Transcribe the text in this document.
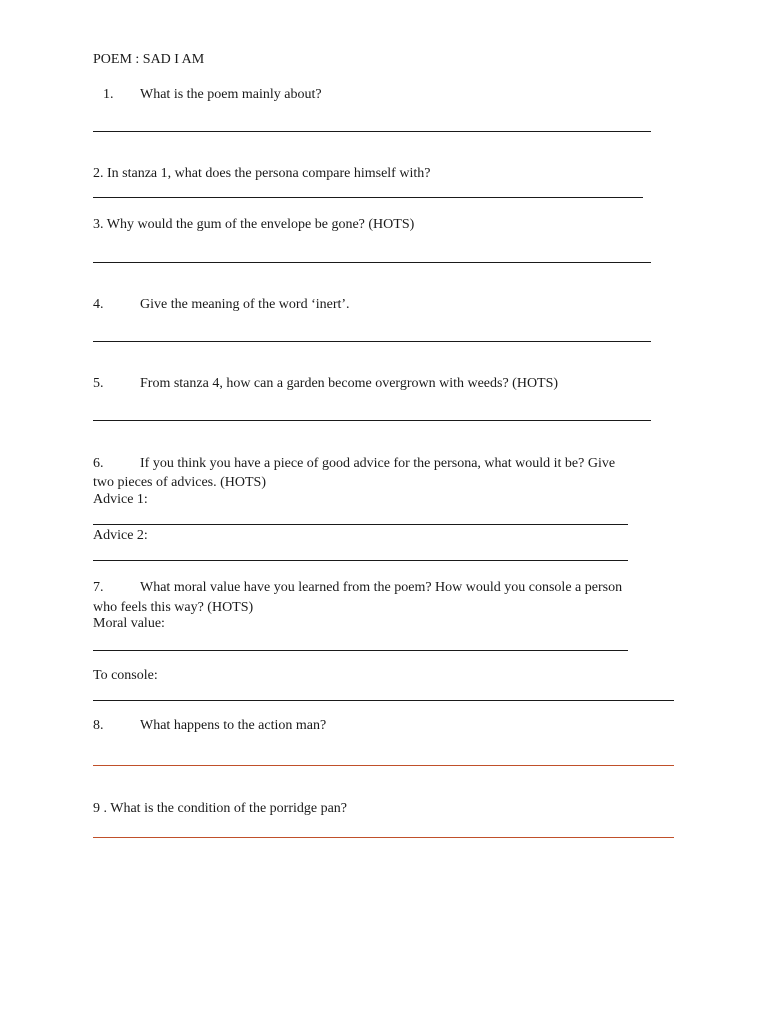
POEM : SAD I AM
1. What is the poem mainly about?
2. In stanza 1, what does the persona compare himself with?
3. Why would the gum of the envelope be gone? (HOTS)
4.	Give the meaning of the word ‘inert’.
5.	From stanza 4, how can a garden become overgrown with weeds? (HOTS)
6.	If you think you have a piece of good advice for the persona, what would it be? Give
two pieces of advices. (HOTS)
Advice 1:
Advice 2:
7.	What moral value have you learned from the poem? How would you console a person
who feels this way? (HOTS)
Moral value:
To console:
8.	What happens to the action man?
9 . What is the condition of the porridge pan?
